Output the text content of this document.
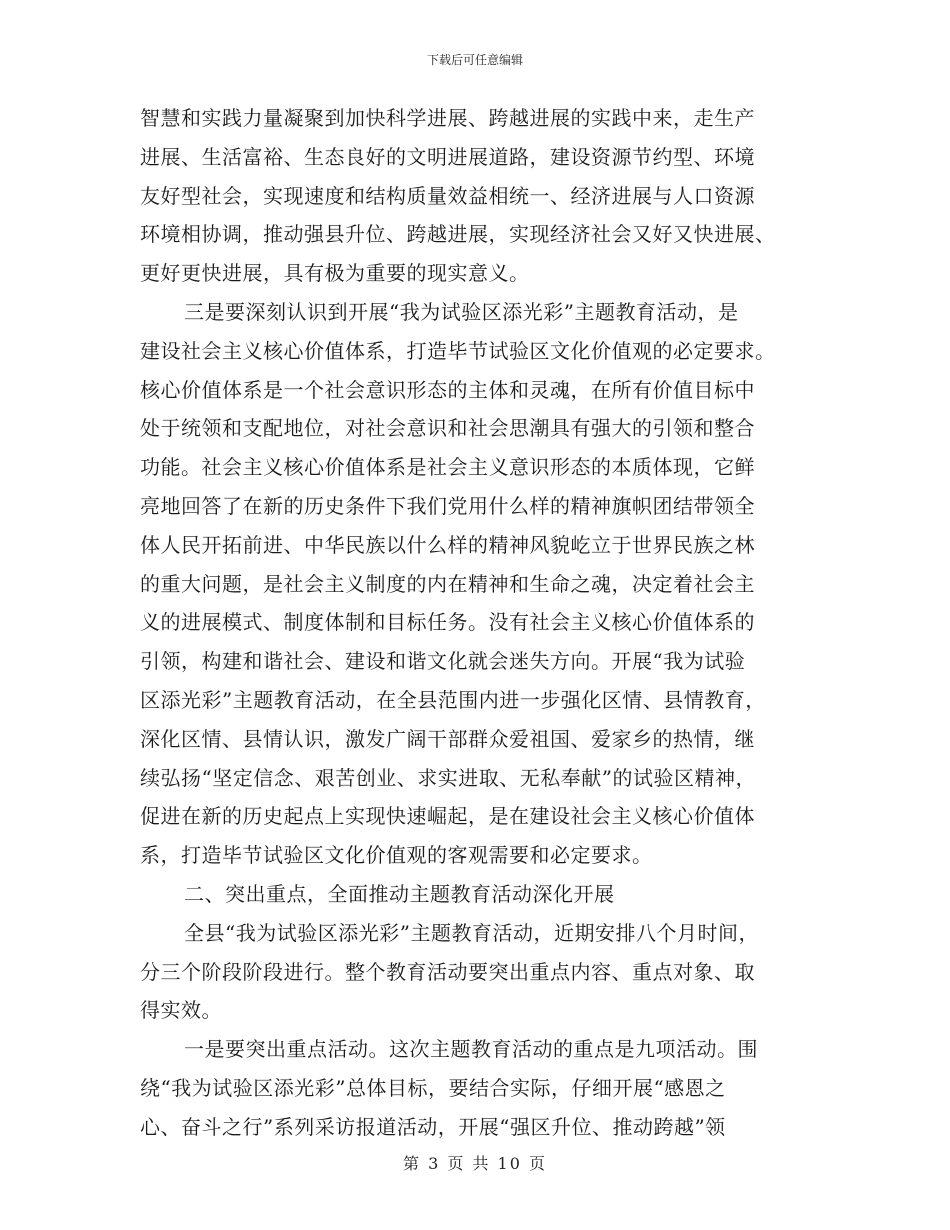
下载后可任意编辑
智慧和实践力量凝聚到加快科学进展、跨越进展的实践中来，走生产
进展、生活富裕、生态良好的文明进展道路，建设资源节约型、环境
友好型社会，实现速度和结构质量效益相统一、经济进展与人口资源
环境相协调，推动强县升位、跨越进展，实现经济社会又好又快进展、
更好更快进展，具有极为重要的现实意义。
三是要深刻认识到开展“我为试验区添光彩”主题教育活动，是
建设社会主义核心价值体系，打造毕节试验区文化价值观的必定要求。
核心价值体系是一个社会意识形态的主体和灵魂，在所有价值目标中
处于统领和支配地位，对社会意识和社会思潮具有强大的引领和整合
功能。社会主义核心价值体系是社会主义意识形态的本质体现，它鲜
亮地回答了在新的历史条件下我们党用什么样的精神旗帜团结带领全
体人民开拓前进、中华民族以什么样的精神风貌屹立于世界民族之林
的重大问题，是社会主义制度的内在精神和生命之魂，决定着社会主
义的进展模式、制度体制和目标任务。没有社会主义核心价值体系的
引领，构建和谐社会、建设和谐文化就会迷失方向。开展“我为试验
区添光彩”主题教育活动，在全县范围内进一步强化区情、县情教育，
深化区情、县情认识，激发广阔干部群众爱祖国、爱家乡的热情，继
续弘扬“坚定信念、艰苦创业、求实进取、无私奉献”的试验区精神，
促进在新的历史起点上实现快速崛起，是在建设社会主义核心价值体
系，打造毕节试验区文化价值观的客观需要和必定要求。
二、突出重点，全面推动主题教育活动深化开展
全县“我为试验区添光彩”主题教育活动，近期安排八个月时间，
分三个阶段阶段进行。整个教育活动要突出重点内容、重点对象、取
得实效。
一是要突出重点活动。这次主题教育活动的重点是九项活动。围
绕“我为试验区添光彩”总体目标，要结合实际，仔细开展“感恩之
心、奋斗之行”系列采访报道活动，开展“强区升位、推动跨越”领
第 3 页 共 10 页
